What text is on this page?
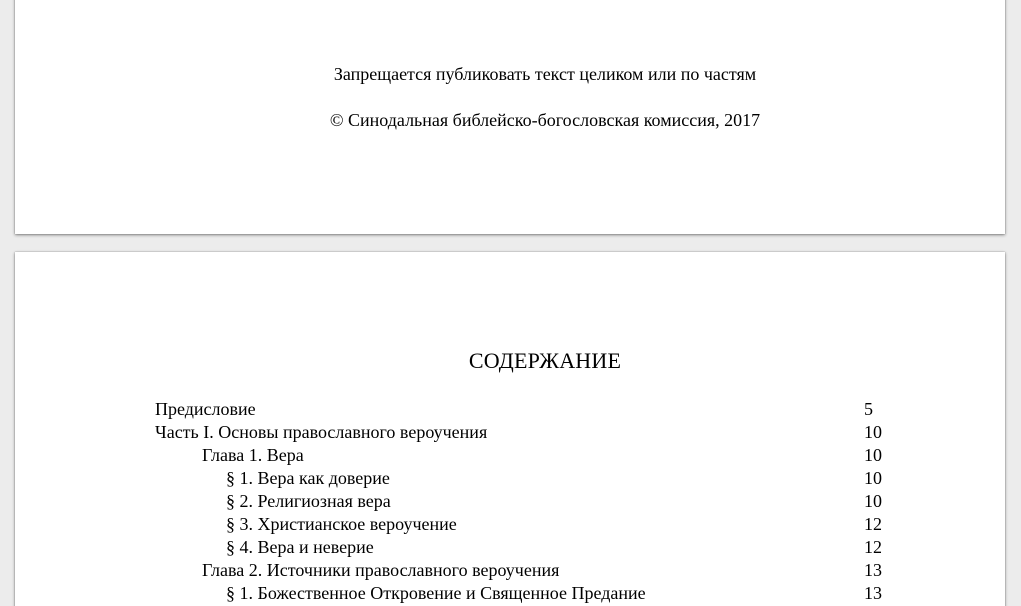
Запрещается публиковать текст целиком или по частям
© Синодальная библейско-богословская комиссия, 2017
СОДЕРЖАНИЕ
Предисловие	5
Часть I. Основы православного вероучения	10
Глава 1. Вера	10
§ 1. Вера как доверие	10
§ 2. Религиозная вера	10
§ 3. Христианское вероучение	12
§ 4. Вера и неверие	12
Глава 2. Источники православного вероучения	13
§ 1. Божественное Откровение и Священное Предание	13
